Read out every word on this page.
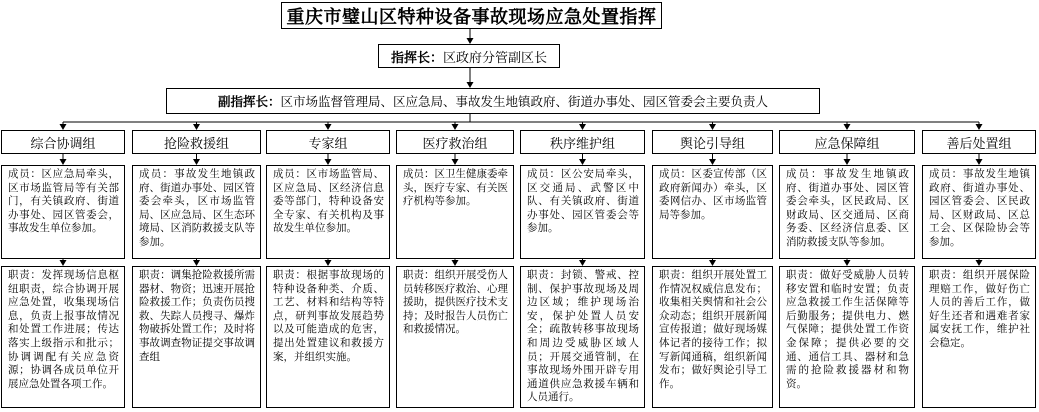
重庆市璧山区特种设备事故现场应急处置指挥
指挥长： 区政府分管副区长
副指挥长： 区市场监督管理局、区应急局、事故发生地镇政府、街道办事处、园区管委会主要负责人
综合协调组
成员：区应急局牵头，区市场监管局等有关部门，有关镇政府、街道办事处、园区管委会，事故发生单位参加。
职责：发挥现场信息枢纽职责，综合协调开展应急处置，收集现场信息，负责上报事故情况和处置工作进展；传达落实上级指示和批示；协调调配有关应急资源；协调各成员单位开展应急处置各项工作。
抢险救援组
成员：事故发生地镇政府、街道办事处、园区管委会牵头，区市场监管局、区应急局、区生态环境局、区消防救援支队等参加。
职责：调集抢险救援所需器材、物资；迅速开展抢险救援工作；负责伤员搜救、失踪人员搜寻、爆炸物破拆处置工作；及时将事故调查物证提交事故调查组
专家组
成员：区市场监管局、区应急局、区经济信息委等部门，特种设备安全专家、有关机构及事故发生单位参加。
职责：根据事故现场的特种设备种类、介质、工艺、材料和结构等特点，研判事故发展趋势以及可能造成的危害，提出处置建议和救援方案，并组织实施。
医疗救治组
成员：区卫生健康委牵头，医疗专家、有关医疗机构等参加。
职责：组织开展受伤人员转移医疗救治、心理援助，提供医疗技术支持；及时报告人员伤亡和救援情况。
秩序维护组
成员：区公安局牵头，区交通局、武警区中队、有关镇政府、街道办事处、园区管委会等参加。
职责：封锁、警戒、控制、保护事故现场及周边区域；维护现场治安，保护处置人员安全；疏散转移事故现场和周边受威胁区域人员；开展交通管制，在事故现场外围开辟专用通道供应急救援车辆和人员通行。
舆论引导组
成员：区委宣传部（区政府新闻办）牵头，区委网信办、区市场监管局等参加。
职责：组织开展处置工作情况权威信息发布；收集相关舆情和社会公众动态；组织开展新闻宣传报道；做好现场媒体记者的接待工作；拟写新闻通稿，组织新闻发布；做好舆论引导工作。
应急保障组
成员：事故发生地镇政府、街道办事处、园区管委会牵头，区民政局、区财政局、区交通局、区商务委、区经济信息委、区消防救援支队等参加。
职责：做好受威胁人员转移安置和临时安置；负责应急救援工作生活保障等后勤服务；提供电力、燃气保障；提供处置工作资金保障；提供必要的交通、通信工具、器材和急需的抢险救援器材和物资。
善后处置组
成员：事故发生地镇政府、街道办事处、园区管委会、区民政局、区财政局、区总工会、区保险协会等参加。
职责：组织开展保险理赔工作，做好伤亡人员的善后工作，做好生还者和遇难者家属安抚工作，维护社会稳定。
